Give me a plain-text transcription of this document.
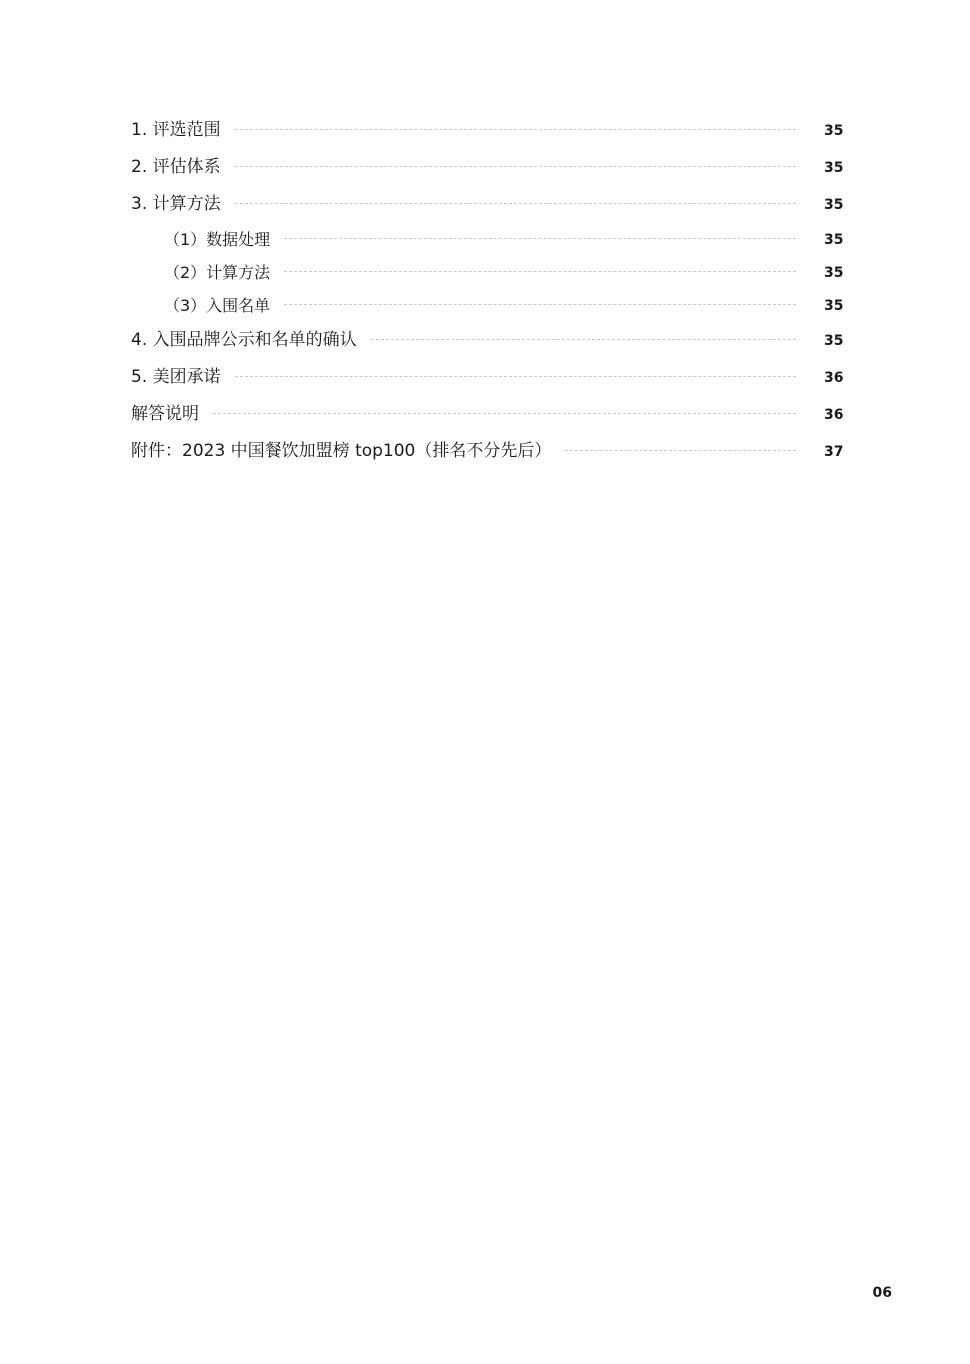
1. 评选范围	35
2. 评估体系	35
3. 计算方法	35
（1）数据处理	35
（2）计算方法	35
（3）入围名单	35
4. 入围品牌公示和名单的确认	35
5. 美团承诺	36
解答说明	36
附件：2023 中国餐饮加盟榜 top100（排名不分先后）	37
06
